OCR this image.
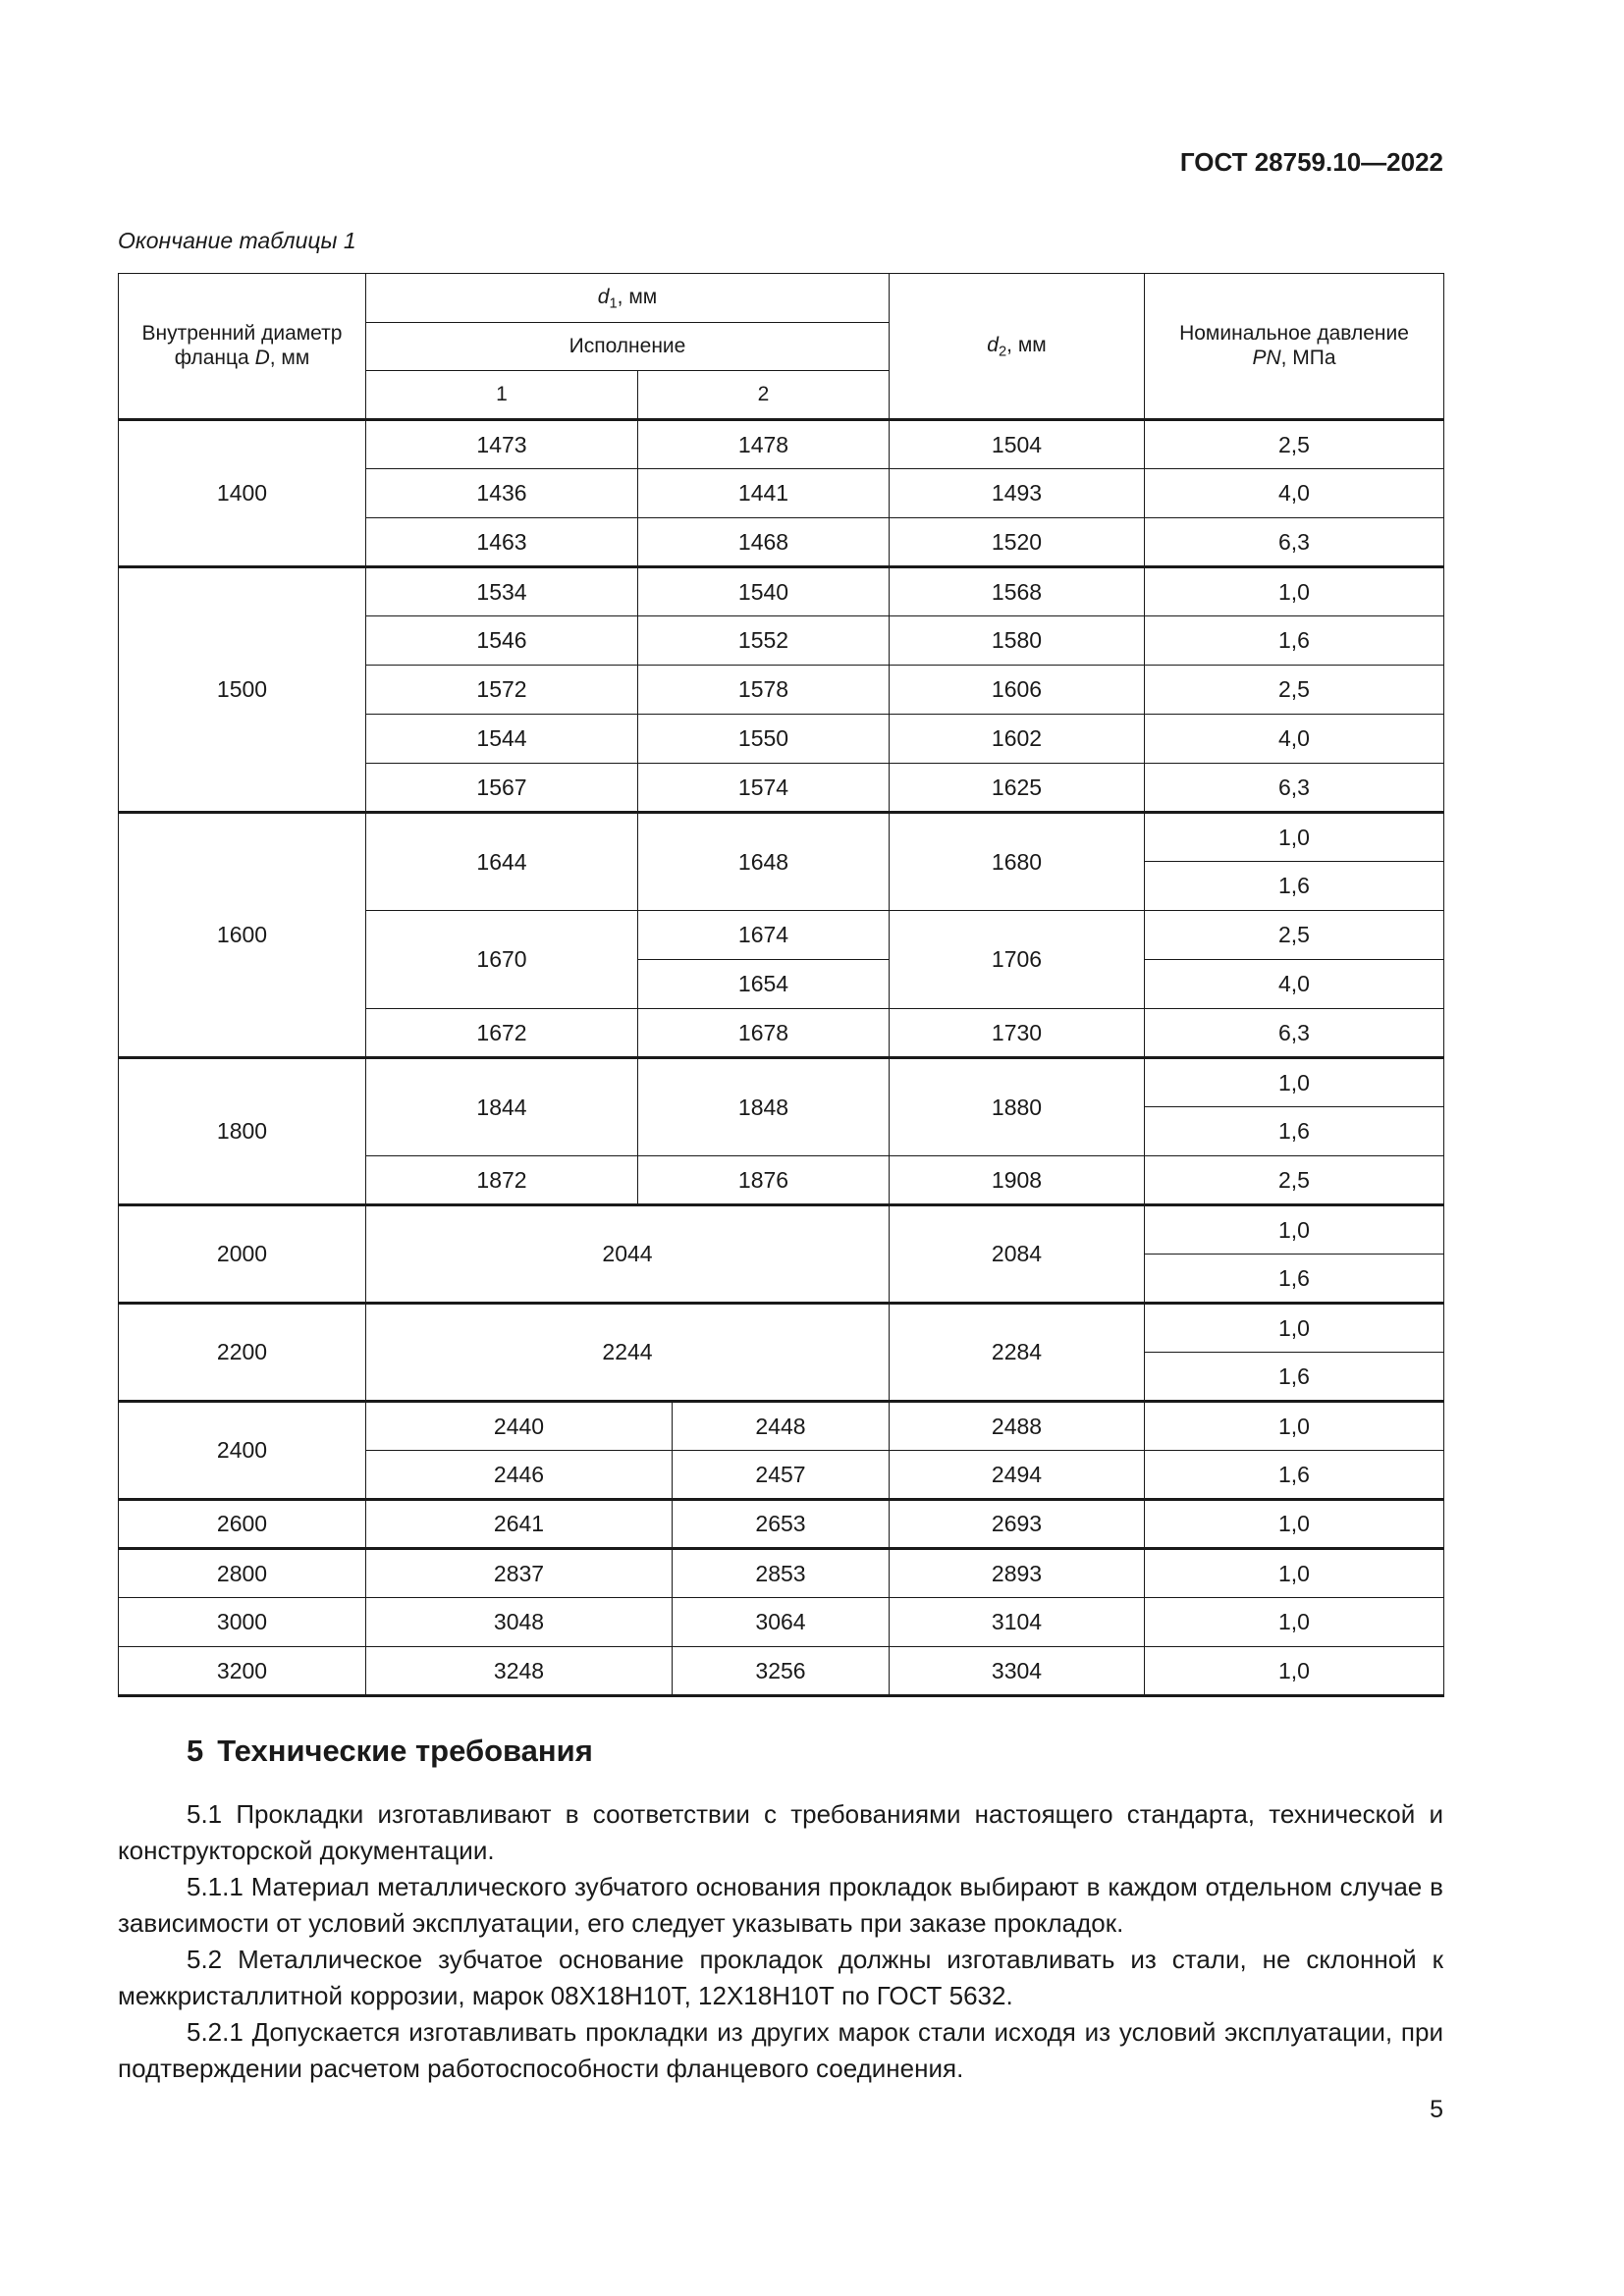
ГОСТ 28759.10—2022
Окончание таблицы 1
Внутренний диаметр
фланца D, мм	$d_1$, мм			$d_2$, мм	Номинальное давление
PN, МПа
	Исполнение				
	1	2			
1400	1473	1478		1504	2,5
	1436	1441		1493	4,0
	1463	1468		1520	6,3
1500	1534	1540		1568	1,0
	1546	1552		1580	1,6
	1572	1578		1606	2,5
	1544	1550		1602	4,0
	1567	1574		1625	6,3
1600	1644	1648		1680	1,0
					1,6
	1670	1674		1706	2,5
		1654			4,0
	1672	1678		1730	6,3
1800	1844	1848		1880	1,0
					1,6
	1872	1876		1908	2,5
2000	2044			2084	1,0
					1,6
2200	2244			2284	1,0
					1,6
2400	2440		2448	2488	1,0
	2446		2457	2494	1,6
2600	2641		2653	2693	1,0
2800	2837		2853	2893	1,0
3000	3048		3064	3104	1,0
3200	3248		3256	3304	1,0
5 Технические требования

5.1 Прокладки изготавливают в соответствии с требованиями настоящего стандарта, технической и конструкторской документации.

5.1.1 Материал металлического зубчатого основания прокладок выбирают в каждом отдельном случае в зависимости от условий эксплуатации, его следует указывать при заказе прокладок.

5.2 Металлическое зубчатое основание прокладок должны изготавливать из стали, не склонной к межкристаллитной коррозии, марок 08Х18Н10Т, 12Х18Н10Т по ГОСТ 5632.

5.2.1 Допускается изготавливать прокладки из других марок стали исходя из условий эксплуатации, при подтверждении расчетом работоспособности фланцевого соединения.

5
